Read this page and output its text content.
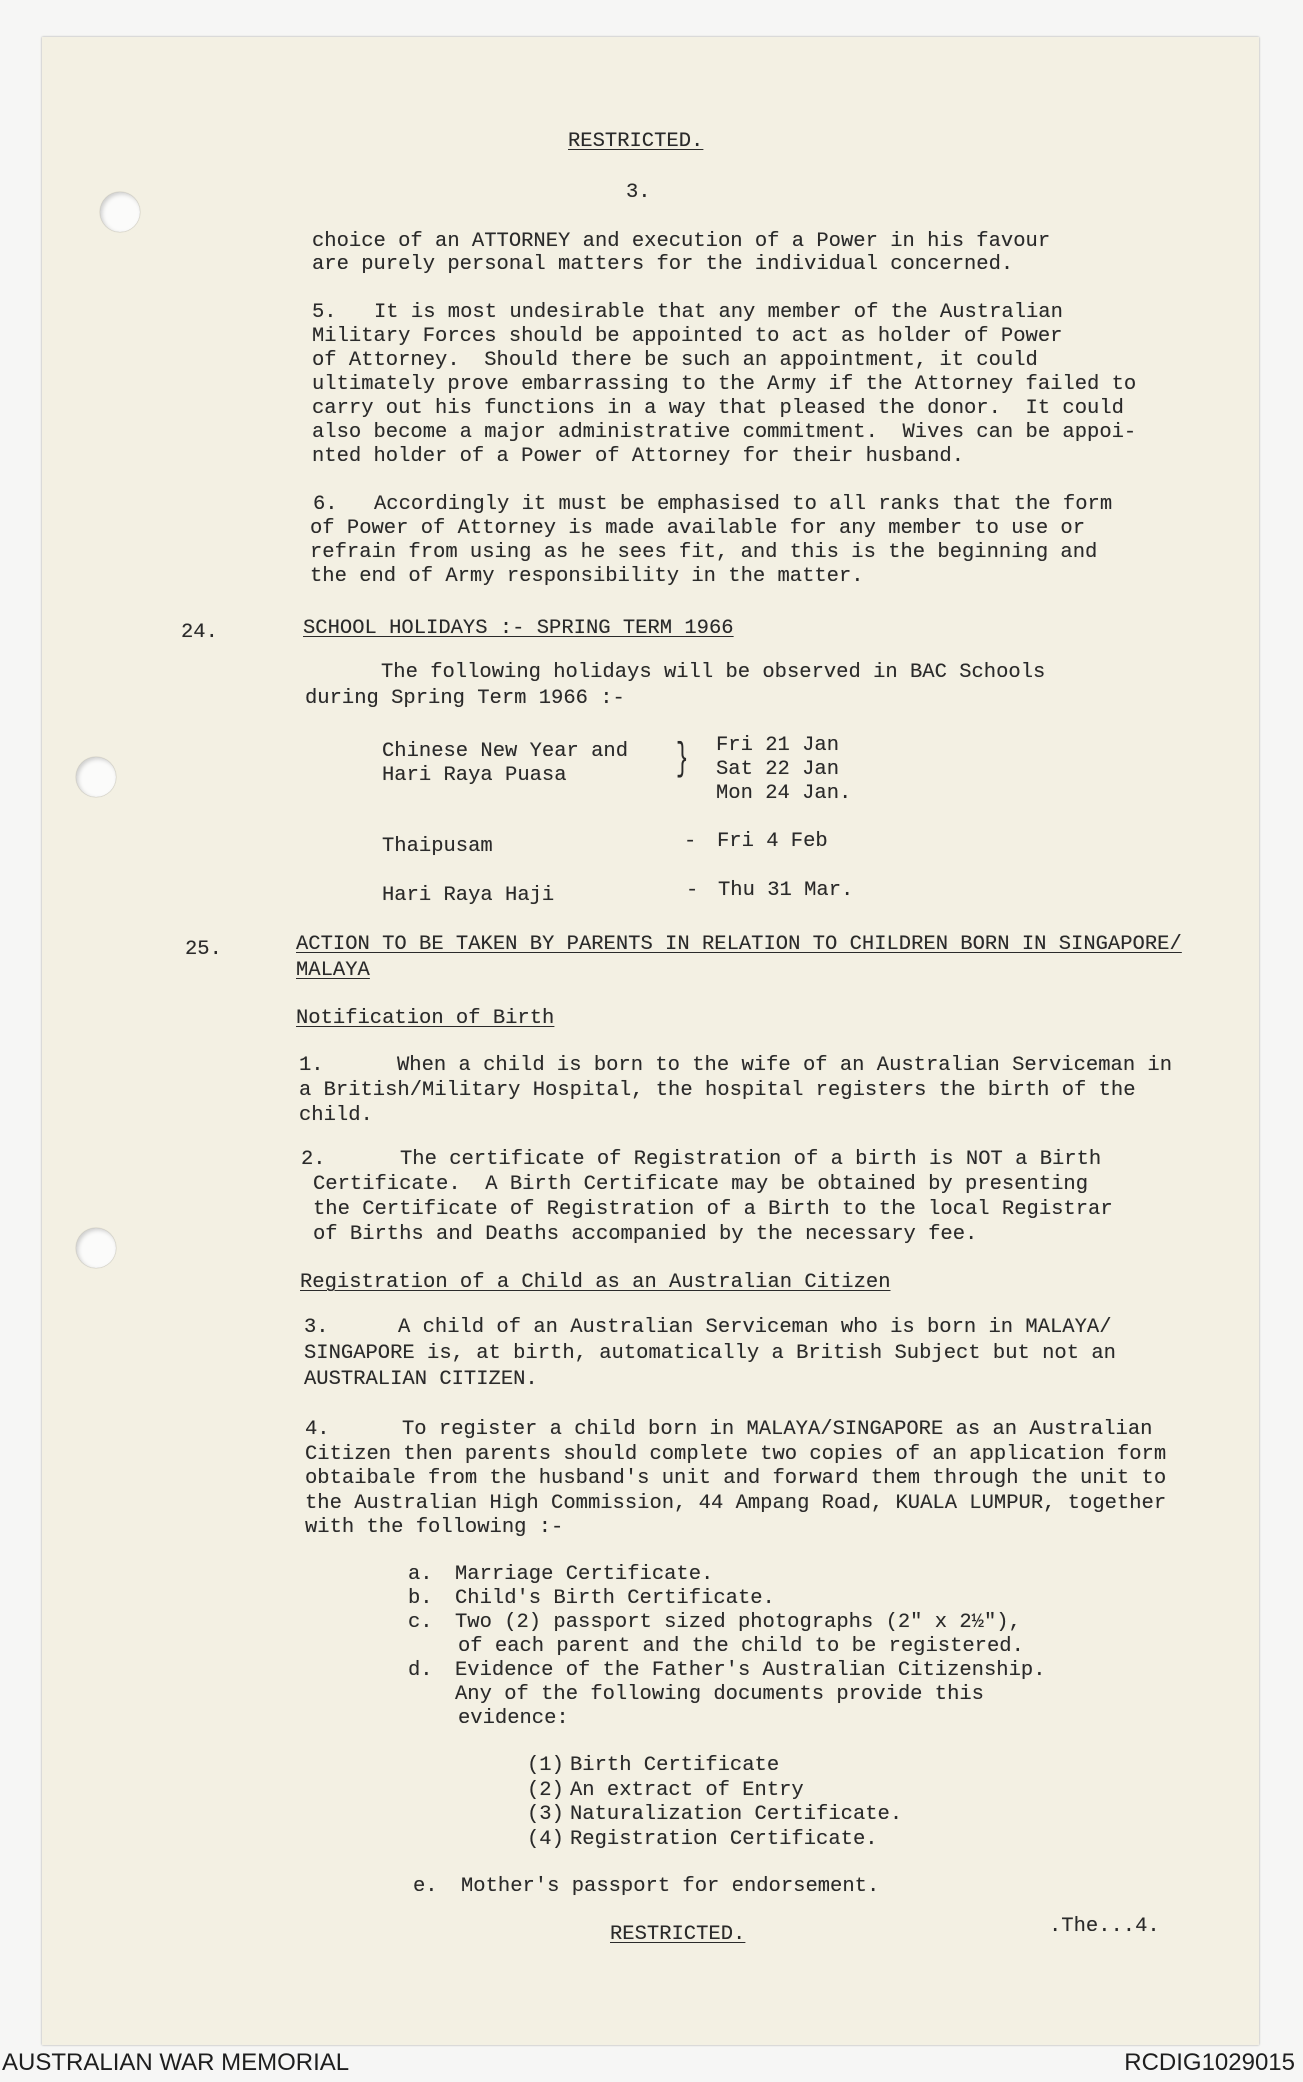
RESTRICTED.
3.
choice of an ATTORNEY and execution of a Power in his favour
are purely personal matters for the individual concerned.
5.	It is most undesirable that any member of the Australian
Military Forces should be appointed to act as holder of Power
of Attorney.  Should there be such an appointment, it could
ultimately prove embarrassing to the Army if the Attorney failed to
carry out his functions in a way that pleased the donor.  It could
also become a major administrative commitment.  Wives can be appoi-
nted holder of a Power of Attorney for their husband.
6.	Accordingly it must be emphasised to all ranks that the form
of Power of Attorney is made available for any member to use or
refrain from using as he sees fit, and this is the beginning and
the end of Army responsibility in the matter.
24.	SCHOOL HOLIDAYS :- SPRING TERM 1966
The following holidays will be observed in BAC Schools
during Spring Term 1966 :-
Chinese New Year and
Hari Raya Puasa	} Fri 21 Jan
Sat 22 Jan
Mon 24 Jan.
Thaipusam	- Fri 4 Feb
Hari Raya Haji	- Thu 31 Mar.
25.	ACTION TO BE TAKEN BY PARENTS IN RELATION TO CHILDREN BORN IN SINGAPORE/
MALAYA
Notification of Birth
1.	When a child is born to the wife of an Australian Serviceman in
a British/Military Hospital, the hospital registers the birth of the
child.
2.	The certificate of Registration of a birth is NOT a Birth
Certificate.  A Birth Certificate may be obtained by presenting
the Certificate of Registration of a Birth to the local Registrar
of Births and Deaths accompanied by the necessary fee.
Registration of a Child as an Australian Citizen
3.	A child of an Australian Serviceman who is born in MALAYA/
SINGAPORE is, at birth, automatically a British Subject but not an
AUSTRALIAN CITIZEN.
4.	To register a child born in MALAYA/SINGAPORE as an Australian
Citizen then parents should complete two copies of an application form
obtaibale from the husband's unit and forward them through the unit to
the Australian High Commission, 44 Ampang Road, KUALA LUMPUR, together
with the following :-
a.	Marriage Certificate.
b.	Child's Birth Certificate.
c.	Two (2) passport sized photographs (2" x 2½"),
of each parent and the child to be registered.
d.	Evidence of the Father's Australian Citizenship.
Any of the following documents provide this
evidence:
(1) Birth Certificate
(2) An extract of Entry
(3) Naturalization Certificate.
(4) Registration Certificate.
e.	Mother's passport for endorsement.
RESTRICTED.	.The...4.
AUSTRALIAN WAR MEMORIAL	RCDIG1029015
